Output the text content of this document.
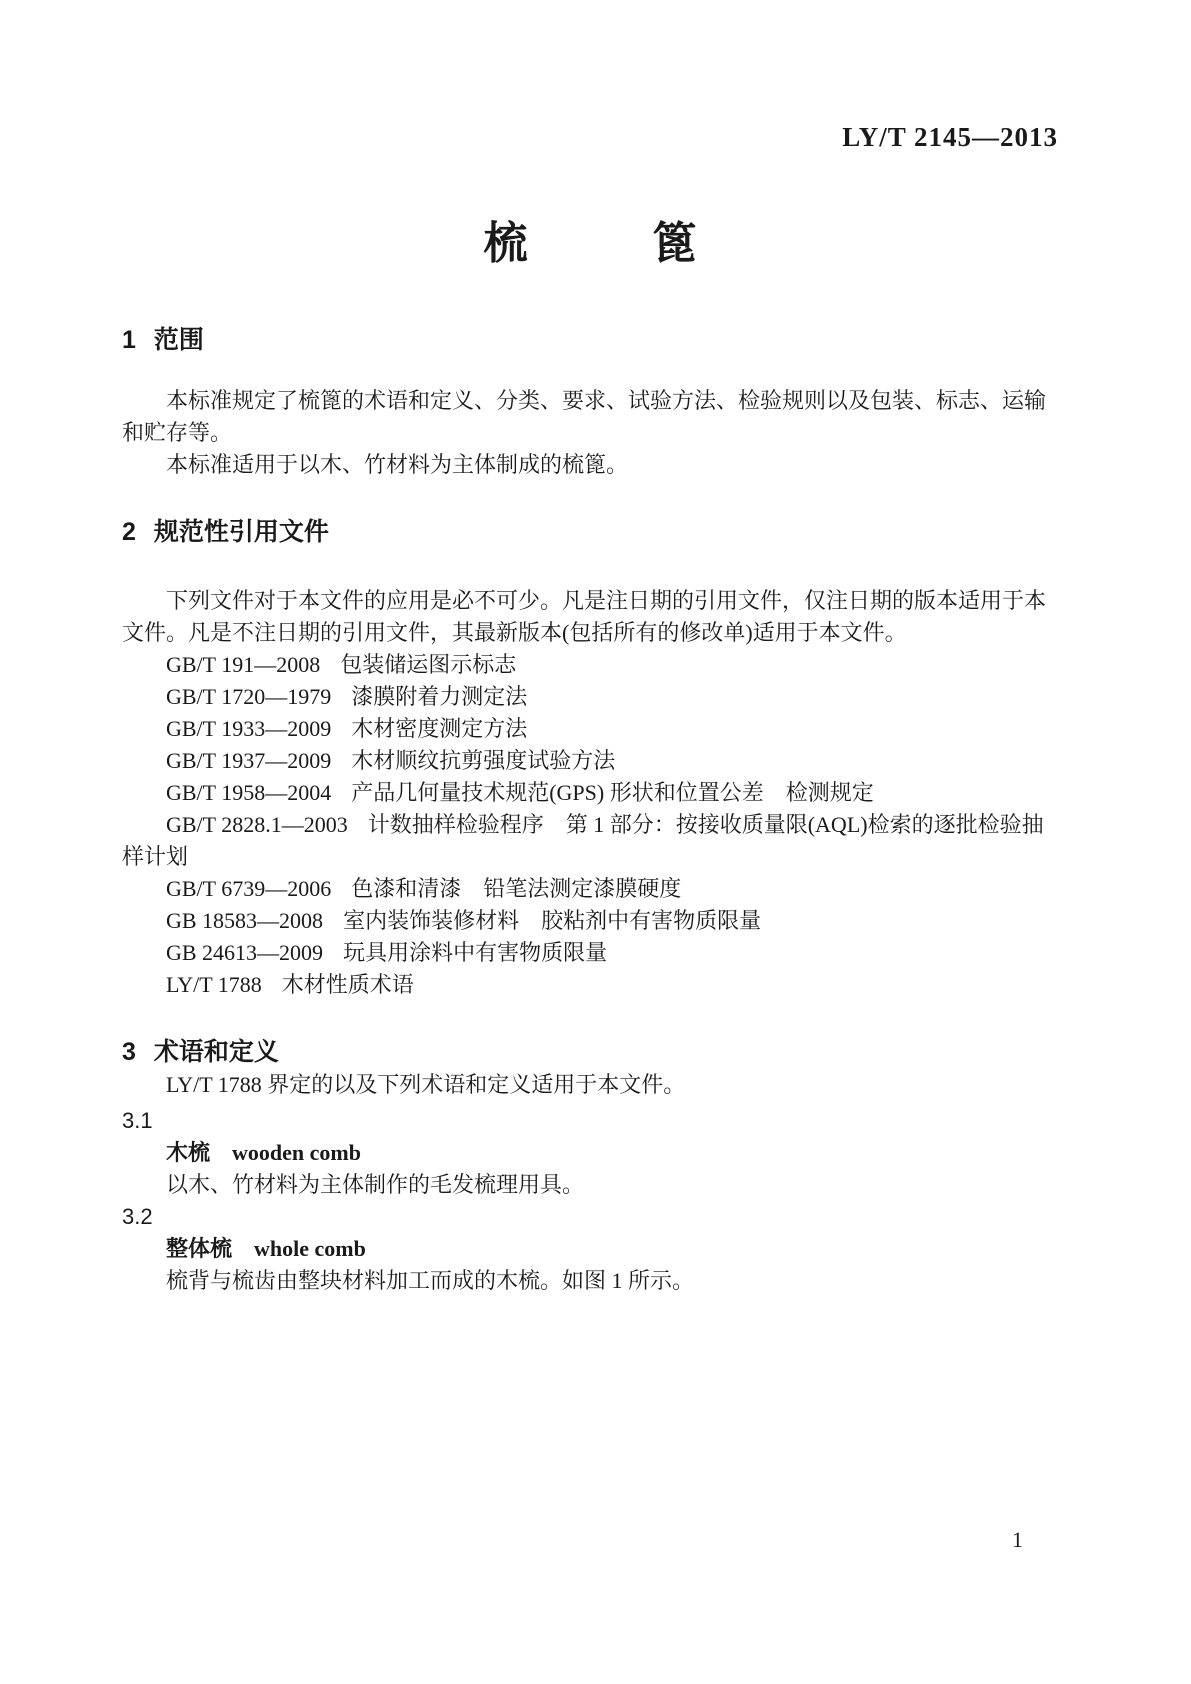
LY/T 2145—2013
梳	篦
1 范围

本标准规定了梳篦的术语和定义、分类、要求、试验方法、检验规则以及包装、标志、运输和贮存等。

本标准适用于以木、竹材料为主体制成的梳篦。

2 规范性引用文件

下列文件对于本文件的应用是必不可少。凡是注日期的引用文件，仅注日期的版本适用于本文件。凡是不注日期的引用文件，其最新版本(包括所有的修改单)适用于本文件。

GB/T 191—2008 包装储运图示标志

GB/T 1720—1979 漆膜附着力测定法

GB/T 1933—2009 木材密度测定方法

GB/T 1937—2009 木材顺纹抗剪强度试验方法

GB/T 1958—2004 产品几何量技术规范(GPS) 形状和位置公差　检测规定

GB/T 2828.1—2003 计数抽样检验程序　第 1 部分：按接收质量限(AQL)检索的逐批检验抽样计划

GB/T 6739—2006 色漆和清漆　铅笔法测定漆膜硬度

GB 18583—2008 室内装饰装修材料　胶粘剂中有害物质限量

GB 24613—2009 玩具用涂料中有害物质限量

LY/T 1788 木材性质术语

3 术语和定义

LY/T 1788 界定的以及下列术语和定义适用于本文件。

3.1

木梳 wooden comb

以木、竹材料为主体制作的毛发梳理用具。

3.2

整体梳 whole comb

梳背与梳齿由整块材料加工而成的木梳。如图 1 所示。

1
